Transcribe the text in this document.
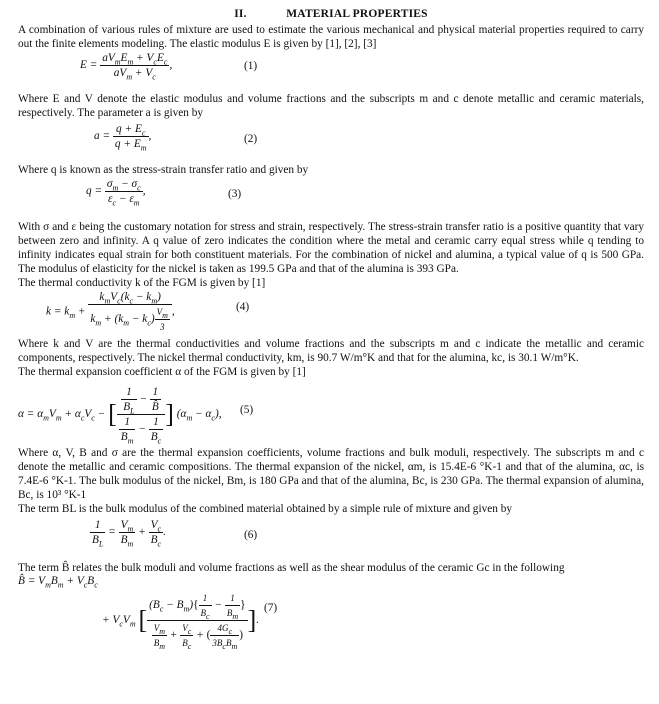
II.	MATERIAL PROPERTIES

A combination of various rules of mixture are used to estimate the various mechanical and physical material properties required to carry out the finite elements modeling. The elastic modulus E is given by [1], [2], [3]

$E = \frac{aV_mE_m + V_cE_c}{aV_m + V_c}$ ,	(1)

Where E and V denote the elastic modulus and volume fractions and the subscripts m and c denote metallic and ceramic materials, respectively. The parameter a is given by

$a = \frac{q + E_c}{q + E_m}$ ,	(2)

Where q is known as the stress-strain transfer ratio and given by

$q = \frac{\sigma_m - \sigma_c}{\varepsilon_c - \varepsilon_m}$ ,	(3)

With σ and ε being the customary notation for stress and strain, respectively. The stress-strain transfer ratio is a positive quantity that vary between zero and infinity. A q value of zero indicates the condition where the metal and ceramic carry equal stress while q tending to infinity indicates equal strain for both constituent materials. For the combination of nickel and alumina, a typical value of q is 500 GPa. The modulus of elasticity for the nickel is taken as 199.5 GPa and that of the alumina is 393 GPa.

The thermal conductivity k of the FGM is given by [1]

$k = k_m + \frac{k_mV_c(k_c - k_m)}{k_m + (k_m - k_c) \frac{V_m}{3}}$ ,	(4)

Where k and V are the thermal conductivities and volume fractions and the subscripts m and c indicate the metallic and ceramic components, respectively. The nickel thermal conductivity, km, is 90.7 W/m°K and that for the alumina, kc, is 30.1 W/m°K.

The thermal expansion coefficient α of the FGM is given by [1]

$\alpha = \alpha_mV_m + \alpha_cV_c$ − [ $\frac{\frac{1}{B_L} - \frac{1}{B̂}}{\frac{1}{B_m} - \frac{1}{B_c}}$ ] $(\alpha_m - \alpha_c)$, (5)

Where α, V, B and σ are the thermal expansion coefficients, volume fractions and bulk moduli, respectively. The subscripts m and c denote the metallic and ceramic compositions. The thermal expansion of the nickel, αm, is 15.4E-6 °K-1 and that of the alumina, αc, is 7.4E-6 °K-1. The bulk modulus of the nickel, Bm, is 180 GPa and that of the alumina, Bc, is 230 GPa. The thermal expansion of alumina, Bc, is 10³ °K-1

The term BL is the bulk modulus of the combined material obtained by a simple rule of mixture and given by

$\frac{1}{B_L} = \frac{V_m}{B_m} + \frac{V_c}{B_c}$ .	(6)

The term B̂ relates the bulk moduli and volume fractions as well as the shear modulus of the ceramic Gc in the following

B̂ = $V_mB_m + V_cB_c$
+ $V_cV_m$ [ $\frac{(B_c - B_m)\{ \frac{1}{B_c} - \frac{1}{B_m} \}}{\frac{V_m}{B_m} + \frac{V_c}{B_c} + ( \frac{4G_c}{3B_cB_m} )}$ ].
(7)
